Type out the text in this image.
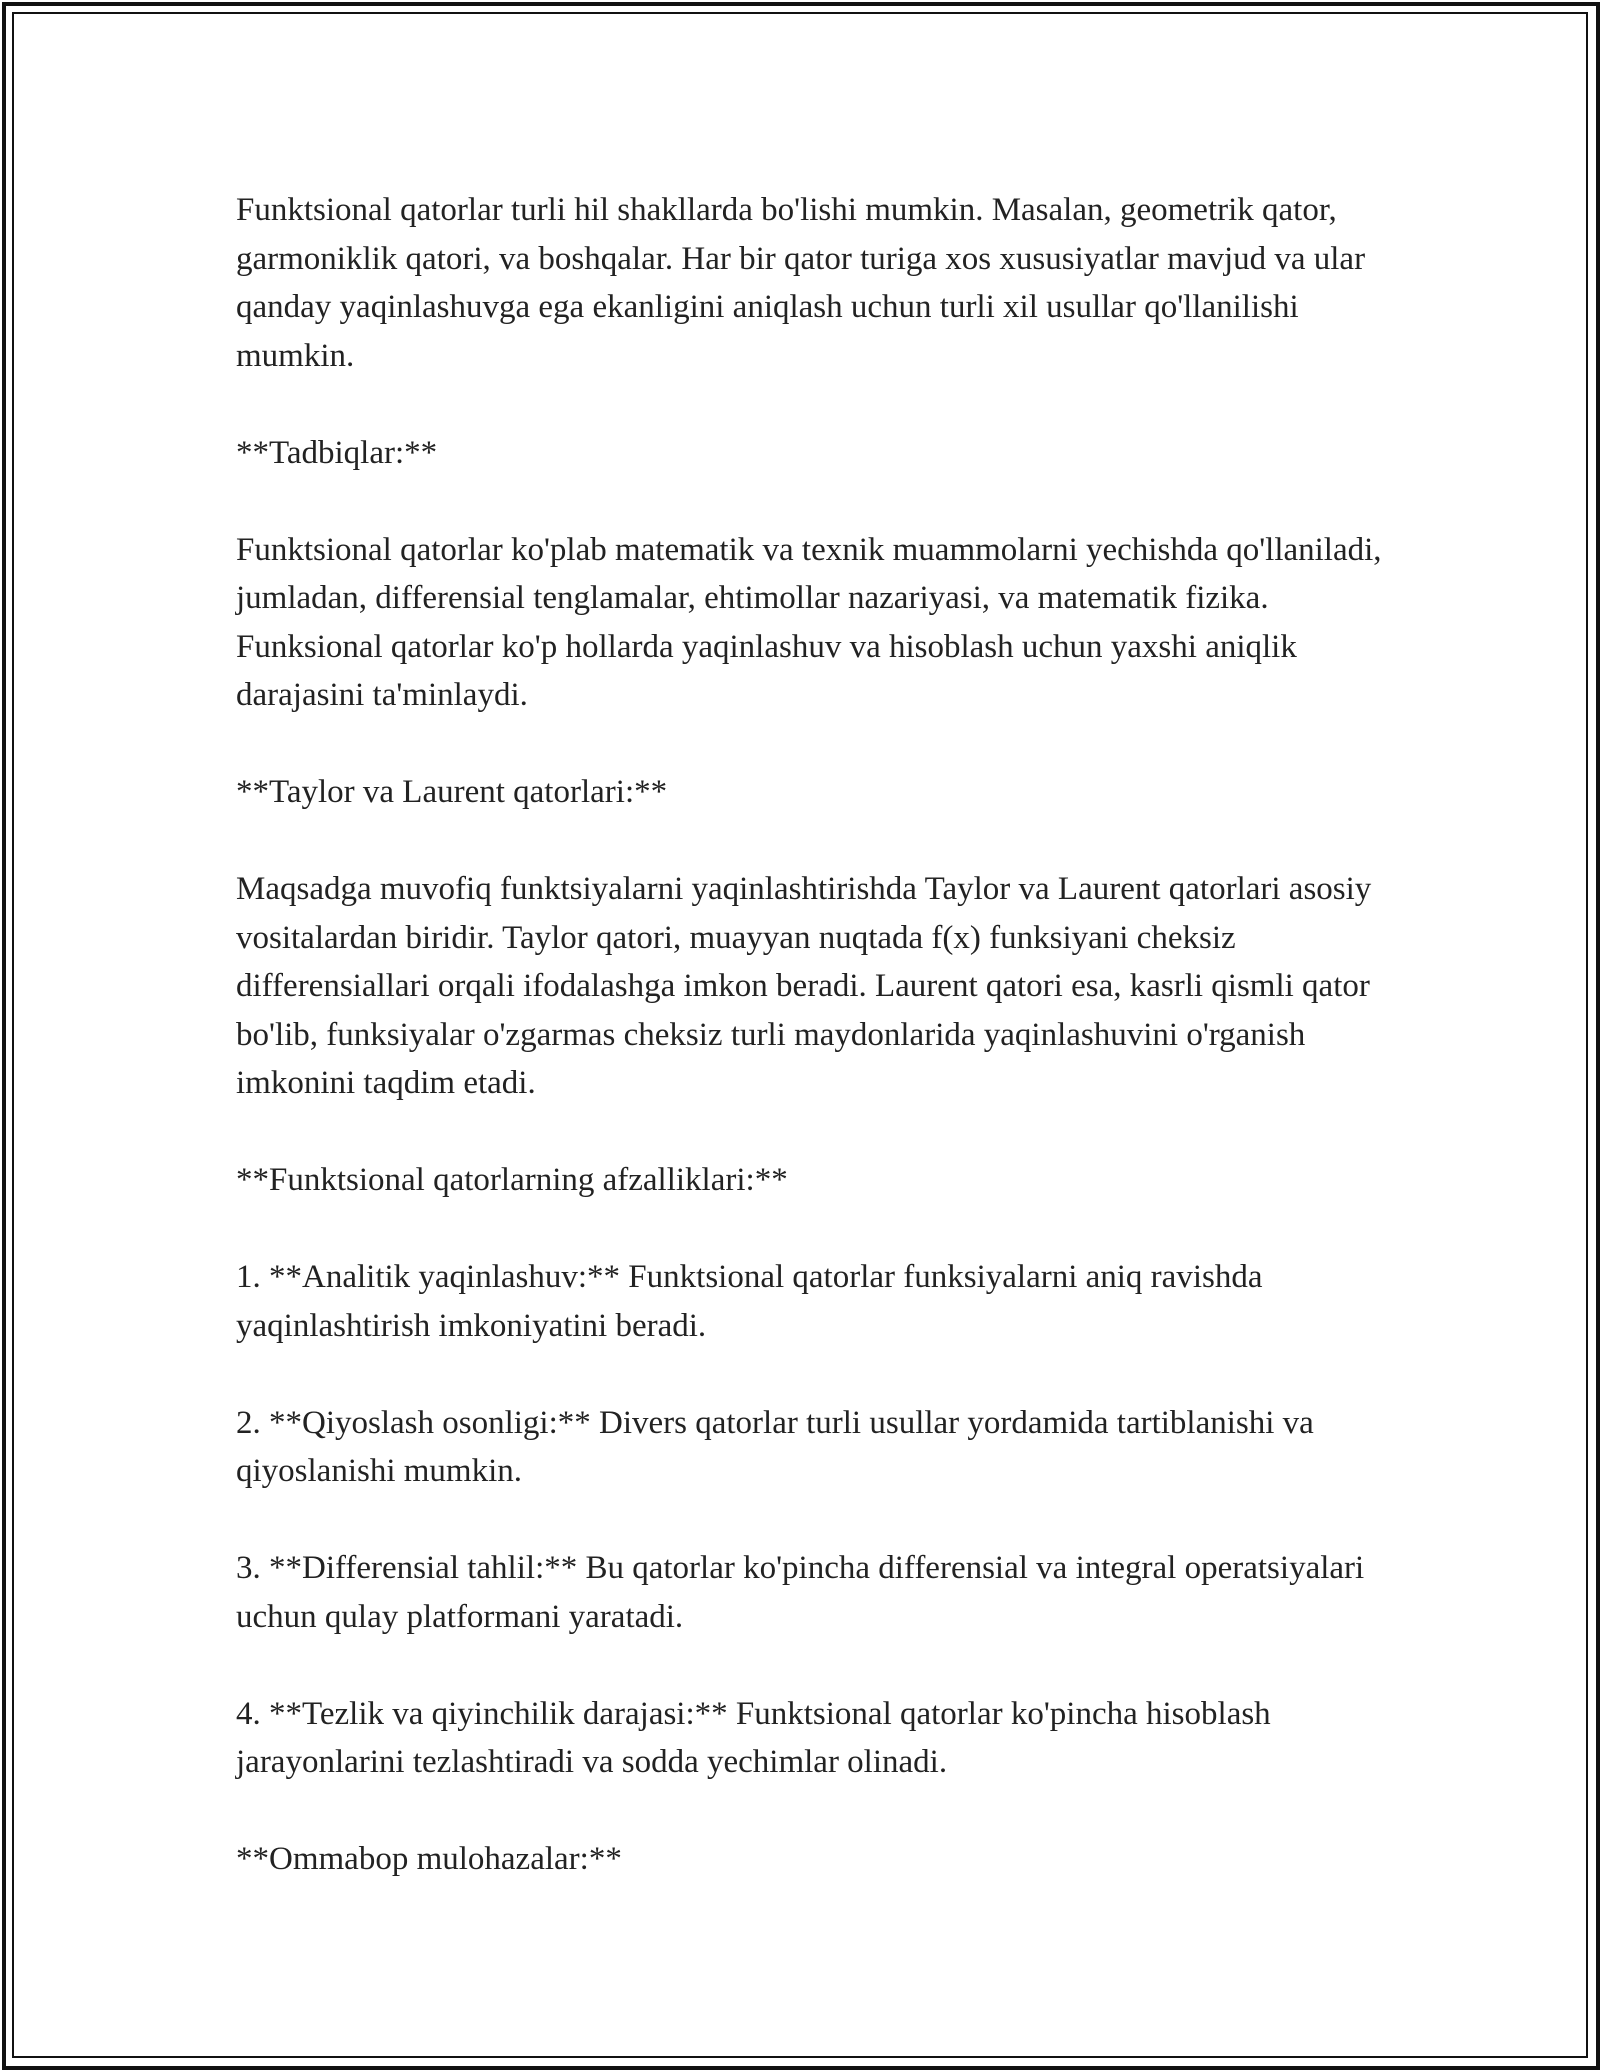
Funktsional qatorlar turli hil shakllarda bo'lishi mumkin. Masalan, geometrik qator, garmoniklik qatori, va boshqalar. Har bir qator turiga xos xususiyatlar mavjud va ular qanday yaqinlashuvga ega ekanligini aniqlash uchun turli xil usullar qo'llanilishi mumkin.

**Tadbiqlar:**

Funktsional qatorlar ko'plab matematik va texnik muammolarni yechishda qo'llaniladi, jumladan, differensial tenglamalar, ehtimollar nazariyasi, va matematik fizika. Funksional qatorlar ko'p hollarda yaqinlashuv va hisoblash uchun yaxshi aniqlik darajasini ta'minlaydi.

**Taylor va Laurent qatorlari:**

Maqsadga muvofiq funktsiyalarni yaqinlashtirishda Taylor va Laurent qatorlari asosiy vositalardan biridir. Taylor qatori, muayyan nuqtada f(x) funksiyani cheksiz differensiallari orqali ifodalashga imkon beradi. Laurent qatori esa, kasrli qismli qator bo'lib, funksiyalar o'zgarmas cheksiz turli maydonlarida yaqinlashuvini o'rganish imkonini taqdim etadi.

**Funktsional qatorlarning afzalliklari:**

1. **Analitik yaqinlashuv:** Funktsional qatorlar funksiyalarni aniq ravishda yaqinlashtirish imkoniyatini beradi.

2. **Qiyoslash osonligi:** Divers qatorlar turli usullar yordamida tartiblanishi va qiyoslanishi mumkin.

3. **Differensial tahlil:** Bu qatorlar ko'pincha differensial va integral operatsiyalari uchun qulay platformani yaratadi.

4. **Tezlik va qiyinchilik darajasi:** Funktsional qatorlar ko'pincha hisoblash jarayonlarini tezlashtiradi va sodda yechimlar olinadi.

**Ommabop mulohazalar:**
